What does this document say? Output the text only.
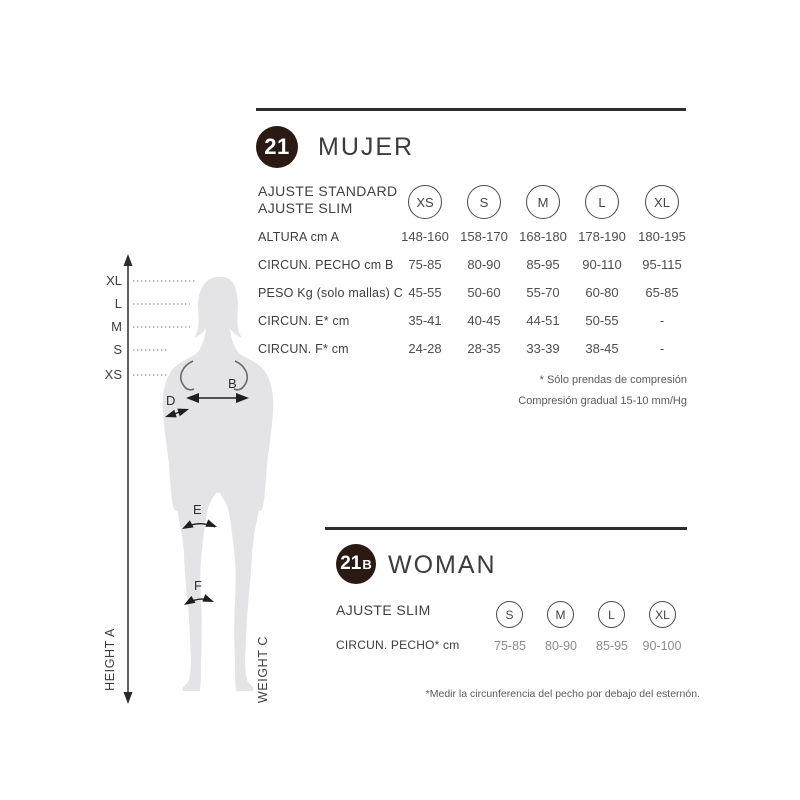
XL
L
M
S
XS
B
D
E
F
HEIGHT A	WEIGHT C
21 MUJER
AJUSTE STANDARD
AJUSTE SLIM	XS	S	M	L	XL
ALTURA cm A	148-160 158-170 168-180 178-190 180-195
CIRCUN. PECHO cm B	75-85	80-90	85-95	90-110	95-115
PESO Kg (solo mallas) C 45-55	50-60	55-70	60-80	65-85
CIRCUN. E* cm	35-41	40-45	44-51	50-55	-
CIRCUN. F* cm	24-28	28-35	33-39	38-45	-
* Sólo prendas de compresión
Compresión gradual 15-10 mm/Hg
21 B WOMAN
AJUSTE SLIM	S	M	L	XL
CIRCUN. PECHO* cm	75-85	80-90	85-95	90-100
*Medir la circunferencia del pecho por debajo del esternón.
